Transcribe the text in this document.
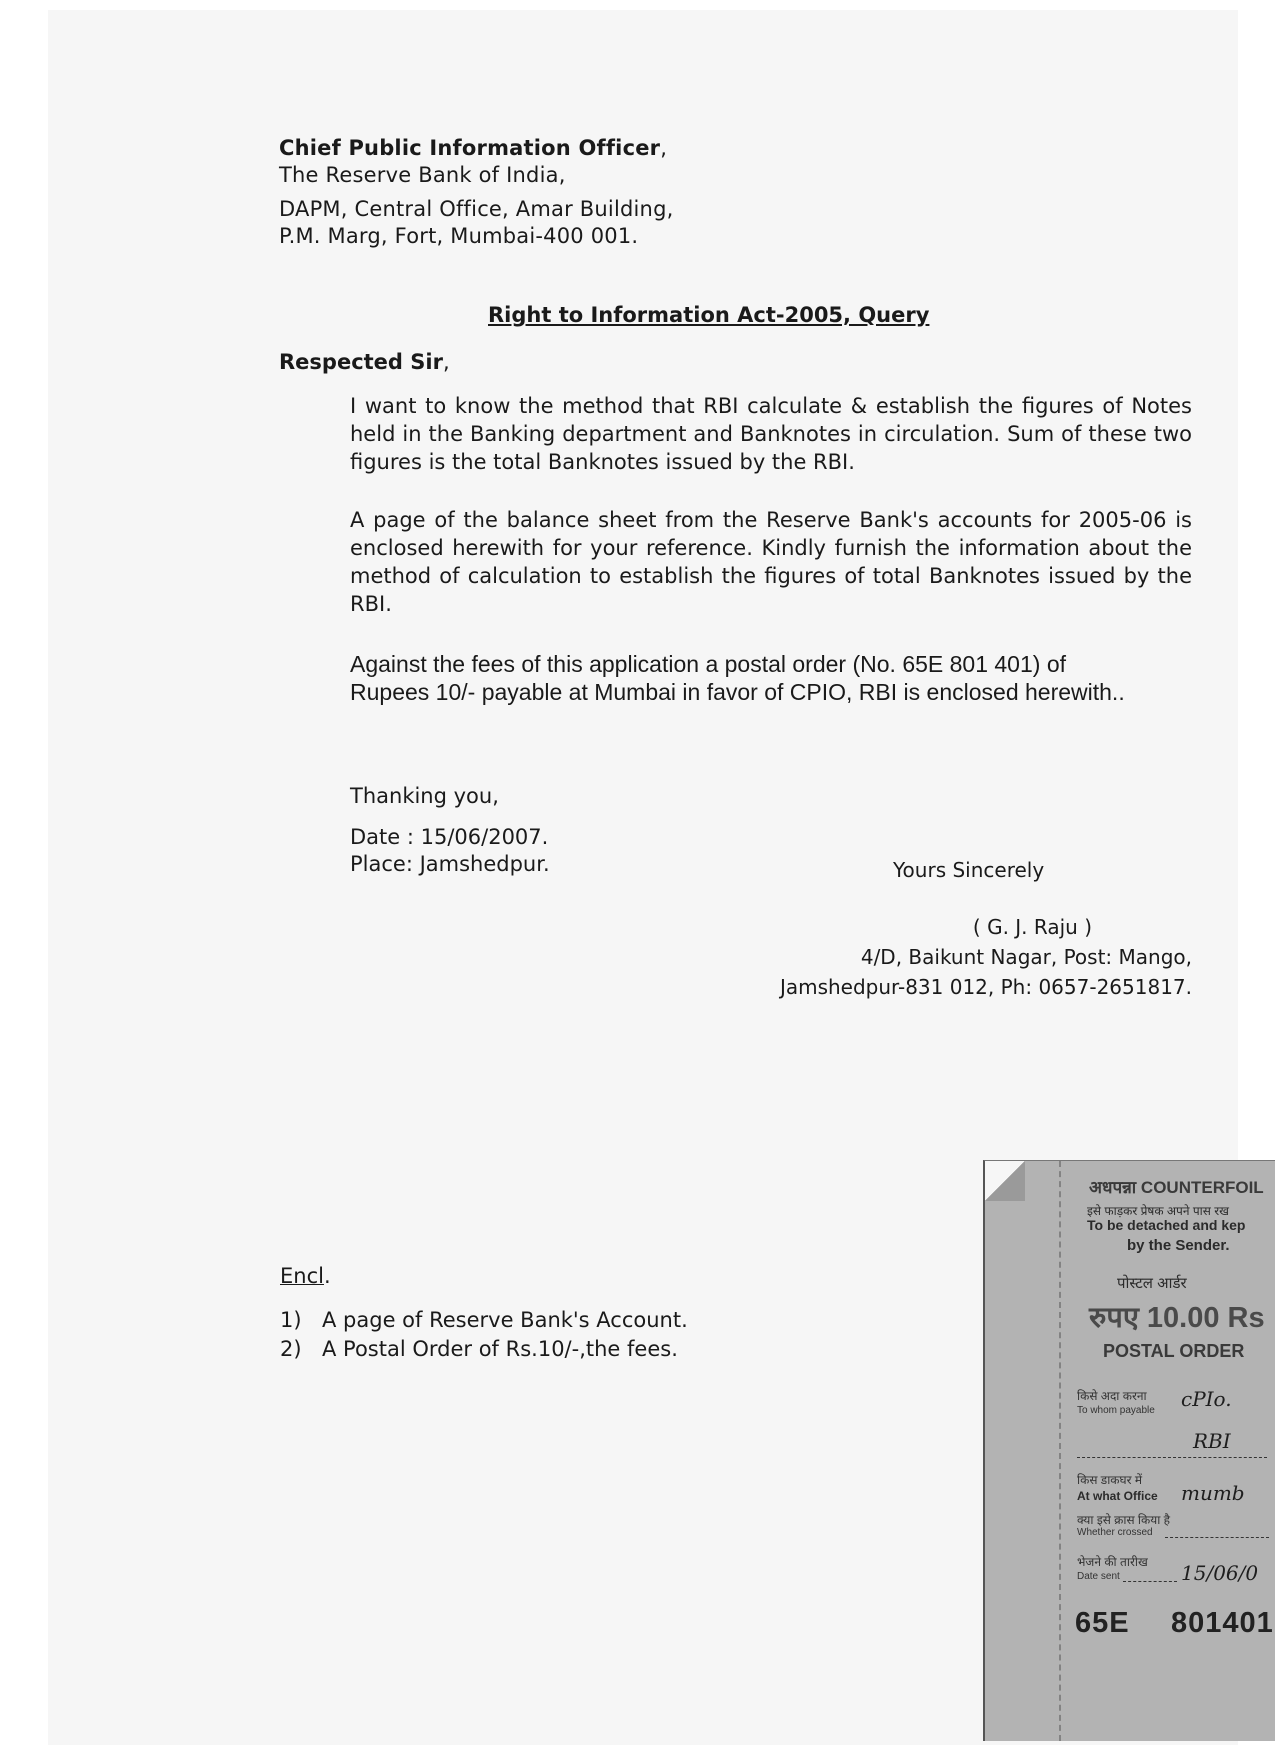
Chief Public Information Officer,
The Reserve Bank of India,
DAPM, Central Office, Amar Building,
P.M. Marg, Fort, Mumbai-400 001.
Right to Information Act-2005, Query
Respected Sir,

I want to know the method that RBI calculate & establish the figures of Notes held in the Banking department and Banknotes in circulation. Sum of these two figures is the total Banknotes issued by the RBI.

A page of the balance sheet from the Reserve Bank's accounts for 2005-06 is enclosed herewith for your reference. Kindly furnish the information about the method of calculation to establish the figures of total Banknotes issued by the RBI.

Against the fees of this application a postal order (No. 65E 801 401) of
Rupees 10/- payable at Mumbai in favor of CPIO, RBI is enclosed herewith..
Thanking you,
Date : 15/06/2007.
Place: Jamshedpur.	Yours Sincerely
( G. J. Raju )
4/D, Baikunt Nagar, Post: Mango,
Jamshedpur-831 012, Ph: 0657-2651817.
Encl.
1) A page of Reserve Bank's Account.
2) A Postal Order of Rs.10/-,the fees.
अधपन्ना COUNTERFOIL
इसे फाड़कर प्रेषक अपने पास रख
To be detached and kep
by the Sender.
पोस्टल आर्डर
रुपए 10.00 Rs
POSTAL ORDER
किसे अदा करना
To whom payable cPIo.
RBI
किस डाकघर में
At what Office mumb
क्या इसे क्रास किया है
Whether crossed
भेजने की तारीख
Date sent	15/06/0
65E 801401
